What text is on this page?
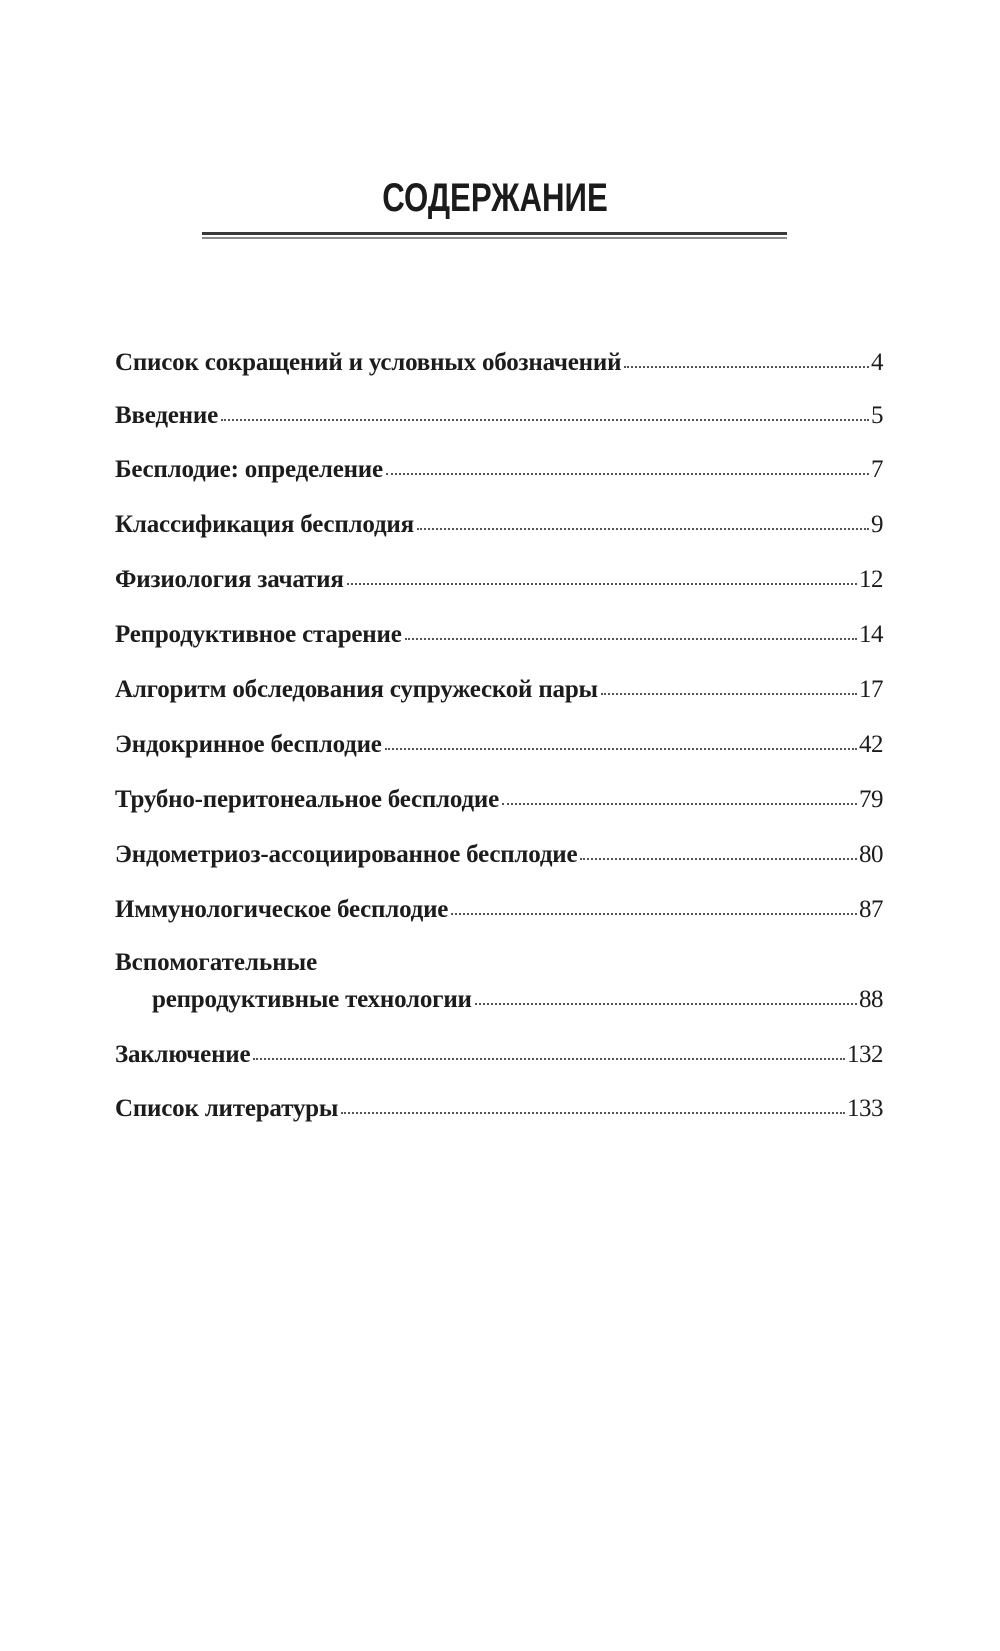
СОДЕРЖАНИЕ
Список сокращений и условных обозначений	4
Введение	5
Бесплодие: определение	7
Классификация бесплодия	9
Физиология зачатия	12
Репродуктивное старение	14
Алгоритм обследования супружеской пары	17
Эндокринное бесплодие	42
Трубно-перитонеальное бесплодие	79
Эндометриоз-ассоциированное бесплодие	80
Иммунологическое бесплодие	87
Вспомогательные
репродуктивные технологии	88
Заключение	132
Список литературы	133
